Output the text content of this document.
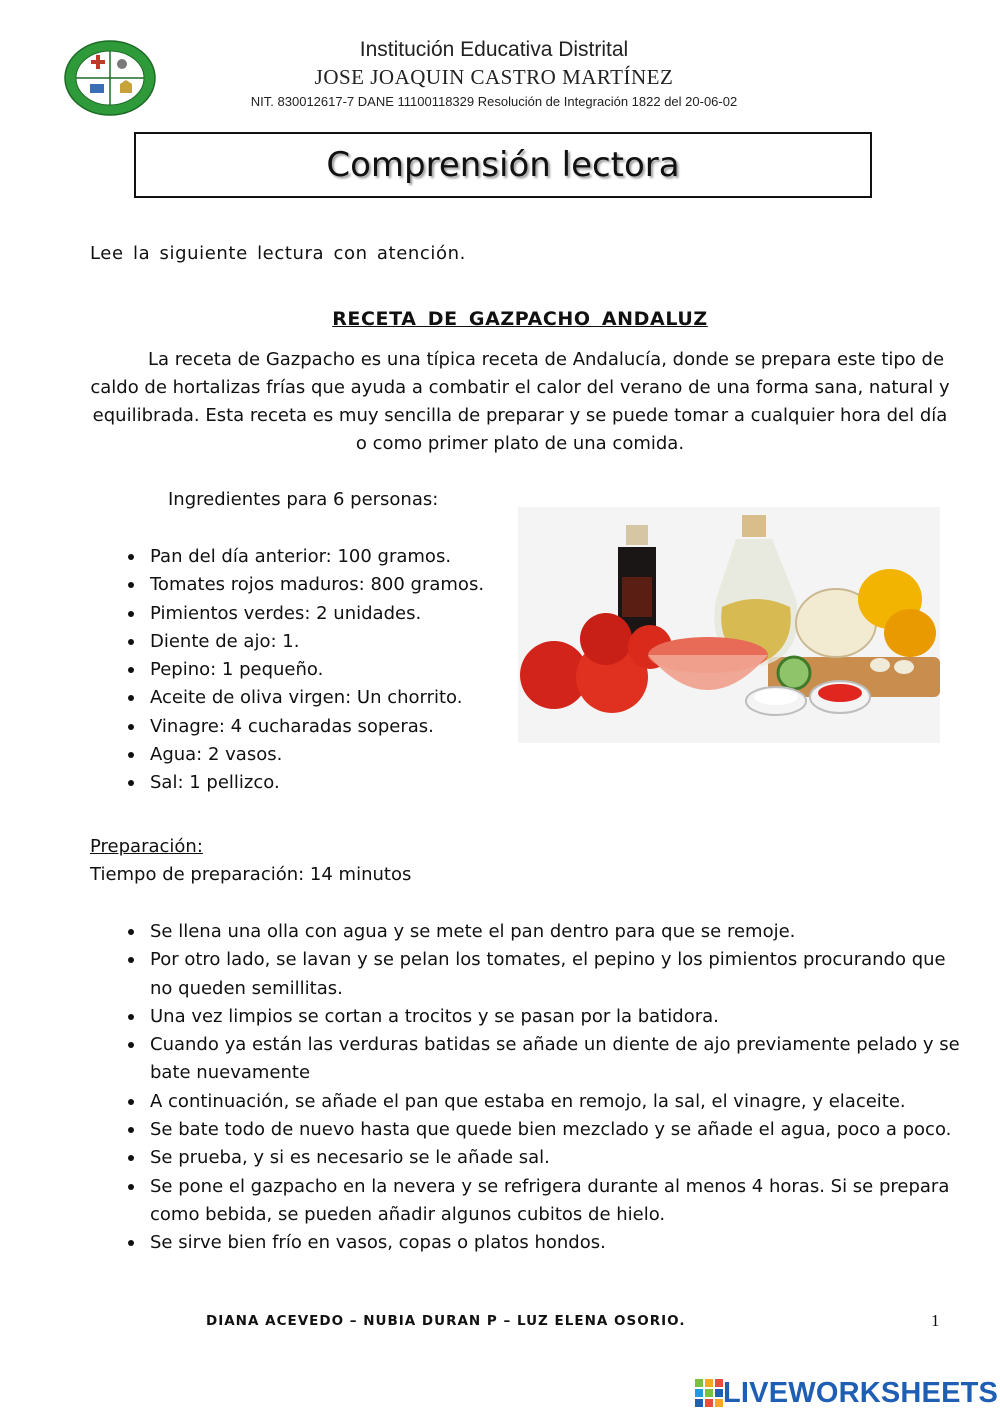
Institución Educativa Distrital
JOSE JOAQUIN CASTRO MARTÍNEZ
NIT. 830012617-7 DANE 11100118329 Resolución de Integración 1822 del 20-06-02
Comprensión lectora
Lee la siguiente lectura con atención.
RECETA DE GAZPACHO ANDALUZ
La receta de Gazpacho es una típica receta de Andalucía, donde se prepara este tipo de caldo de hortalizas frías que ayuda a combatir el calor del verano de una forma sana, natural y equilibrada. Esta receta es muy sencilla de preparar y se puede tomar a cualquier hora del día o como primer plato de una comida.
Ingredientes para 6 personas:
Pan del día anterior: 100 gramos.
Tomates rojos maduros: 800 gramos.
Pimientos verdes: 2 unidades.
Diente de ajo: 1.
Pepino: 1 pequeño.
Aceite de oliva virgen: Un chorrito.
Vinagre: 4 cucharadas soperas.
Agua: 2 vasos.
Sal: 1 pellizco.
Preparación:
Tiempo de preparación: 14 minutos
Se llena una olla con agua y se mete el pan dentro para que se remoje.
Por otro lado, se lavan y se pelan los tomates, el pepino y los pimientos procurando que no queden semillitas.
Una vez limpios se cortan a trocitos y se pasan por la batidora.
Cuando ya están las verduras batidas se añade un diente de ajo previamente pelado y se bate nuevamente
A continuación, se añade el pan que estaba en remojo, la sal, el vinagre, y elaceite.
Se bate todo de nuevo hasta que quede bien mezclado y se añade el agua, poco a poco.
Se prueba, y si es necesario se le añade sal.
Se pone el gazpacho en la nevera y se refrigera durante al menos 4 horas. Si se prepara como bebida, se pueden añadir algunos cubitos de hielo.
Se sirve bien frío en vasos, copas o platos hondos.
DIANA ACEVEDO – NUBIA DURAN P – LUZ ELENA OSORIO.	1
LIVEWORKSHEETS
